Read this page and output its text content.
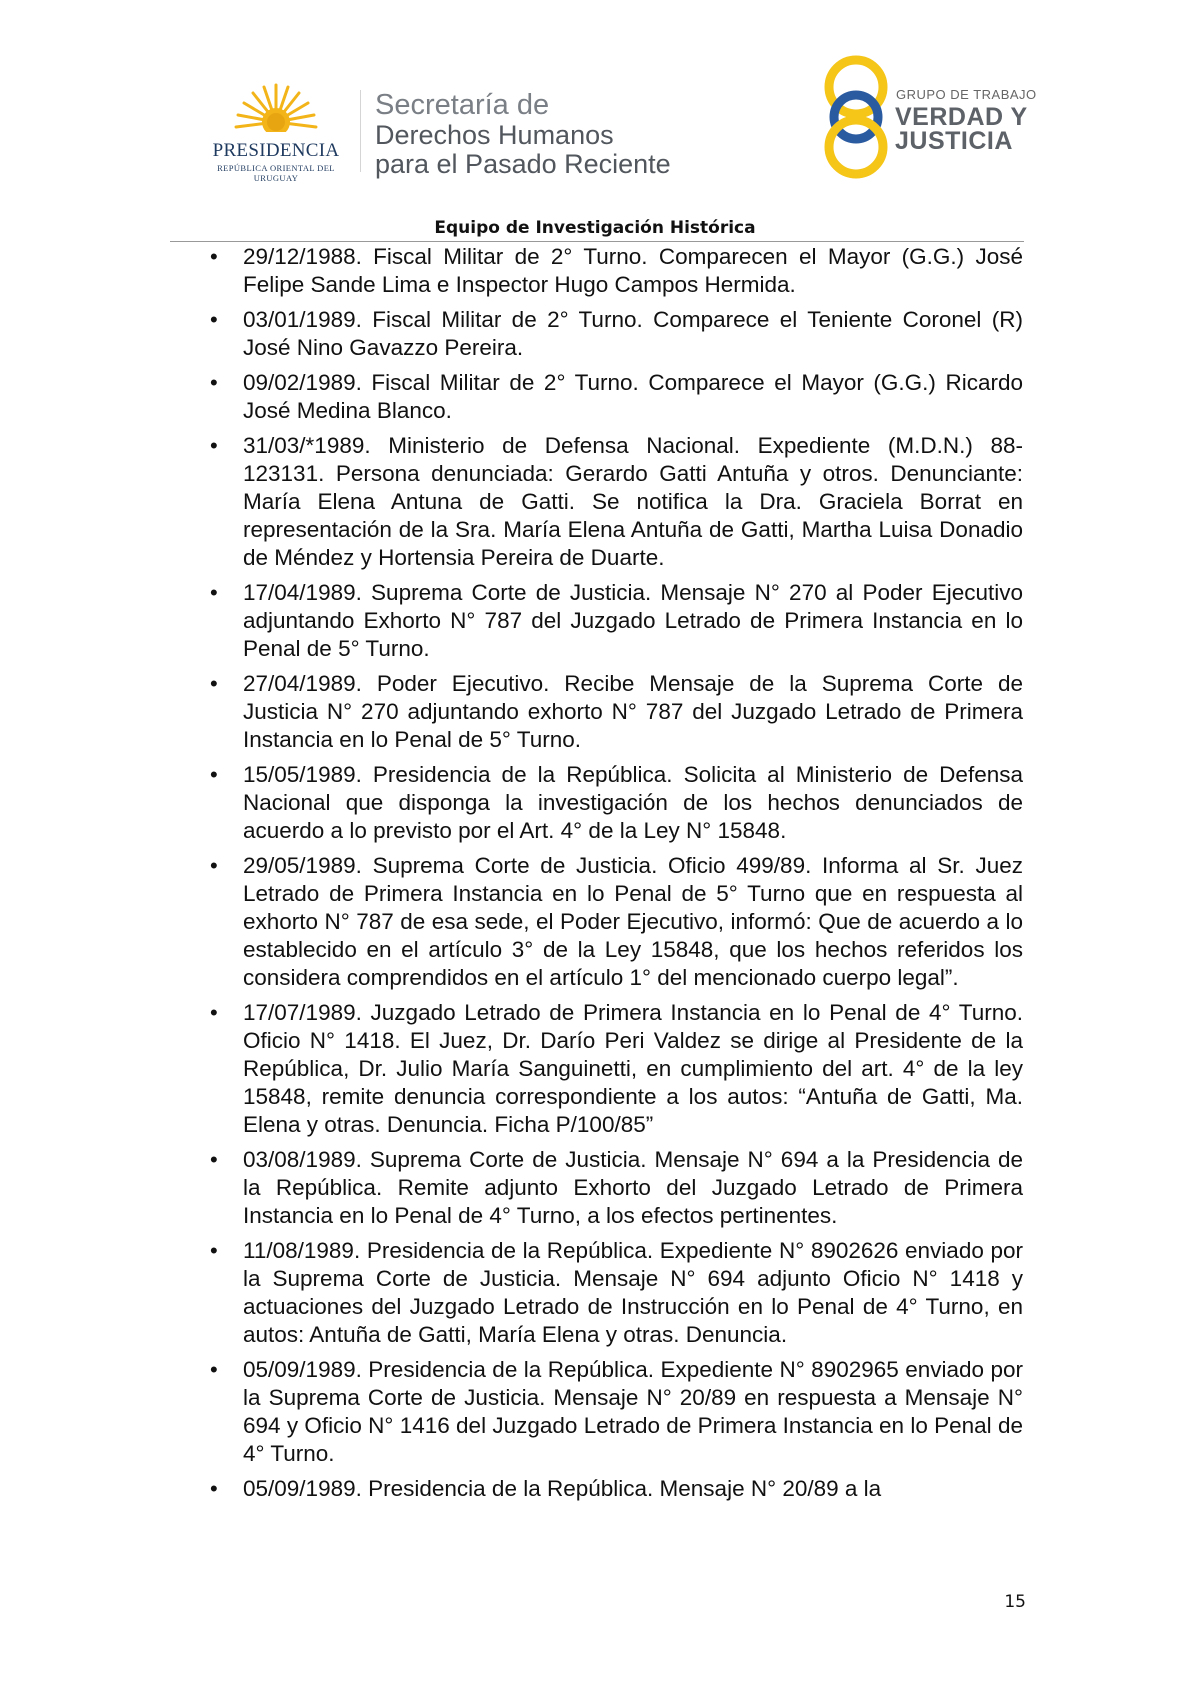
PRESIDENCIA
REPÚBLICA ORIENTAL DEL URUGUAY
Secretaría de
Derechos Humanos
para el Pasado Reciente
GRUPO DE TRABAJO
VERDAD Y
JUSTICIA
Equipo de Investigación Histórica
• 29/12/1988. Fiscal Militar de 2° Turno. Comparecen el Mayor (G.G.) José Felipe Sande Lima e Inspector Hugo Campos Hermida.
• 03/01/1989. Fiscal Militar de 2° Turno. Comparece el Teniente Coronel (R) José Nino Gavazzo Pereira.
• 09/02/1989. Fiscal Militar de 2° Turno. Comparece el Mayor (G.G.) Ricardo José Medina Blanco.
• 31/03/*1989. Ministerio de Defensa Nacional. Expediente (M.D.N.) 88-123131. Persona denunciada: Gerardo Gatti Antuña y otros. Denunciante: María Elena Antuna de Gatti. Se notifica la Dra. Graciela Borrat en representación de la Sra. María Elena Antuña de Gatti, Martha Luisa Donadio de Méndez y Hortensia Pereira de Duarte.
• 17/04/1989. Suprema Corte de Justicia. Mensaje N° 270 al Poder Ejecutivo adjuntando Exhorto N° 787 del Juzgado Letrado de Primera Instancia en lo Penal de 5° Turno.
• 27/04/1989. Poder Ejecutivo. Recibe Mensaje de la Suprema Corte de Justicia N° 270 adjuntando exhorto N° 787 del Juzgado Letrado de Primera Instancia en lo Penal de 5° Turno.
• 15/05/1989. Presidencia de la República. Solicita al Ministerio de Defensa Nacional que disponga la investigación de los hechos denunciados de acuerdo a lo previsto por el Art. 4° de la Ley N° 15848.
• 29/05/1989. Suprema Corte de Justicia. Oficio 499/89. Informa al Sr. Juez Letrado de Primera Instancia en lo Penal de 5° Turno que en respuesta al exhorto N° 787 de esa sede, el Poder Ejecutivo, informó: Que de acuerdo a lo establecido en el artículo 3° de la Ley 15848, que los hechos referidos los considera comprendidos en el artículo 1° del mencionado cuerpo legal”.
• 17/07/1989. Juzgado Letrado de Primera Instancia en lo Penal de 4° Turno. Oficio N° 1418. El Juez, Dr. Darío Peri Valdez se dirige al Presidente de la República, Dr. Julio María Sanguinetti, en cumplimiento del art. 4° de la ley 15848, remite denuncia correspondiente a los autos: “Antuña de Gatti, Ma. Elena y otras. Denuncia. Ficha P/100/85”
• 03/08/1989. Suprema Corte de Justicia. Mensaje N° 694 a la Presidencia de la República. Remite adjunto Exhorto del Juzgado Letrado de Primera Instancia en lo Penal de 4° Turno, a los efectos pertinentes.
• 11/08/1989. Presidencia de la República. Expediente N° 8902626 enviado por la Suprema Corte de Justicia. Mensaje N° 694 adjunto Oficio N° 1418 y actuaciones del Juzgado Letrado de Instrucción en lo Penal de 4° Turno, en autos: Antuña de Gatti, María Elena y otras. Denuncia.
• 05/09/1989. Presidencia de la República. Expediente N° 8902965 enviado por la Suprema Corte de Justicia. Mensaje N° 20/89 en respuesta a Mensaje N° 694 y Oficio N° 1416 del Juzgado Letrado de Primera Instancia en lo Penal de 4° Turno.
• 05/09/1989. Presidencia de la República. Mensaje N° 20/89 a la
15
